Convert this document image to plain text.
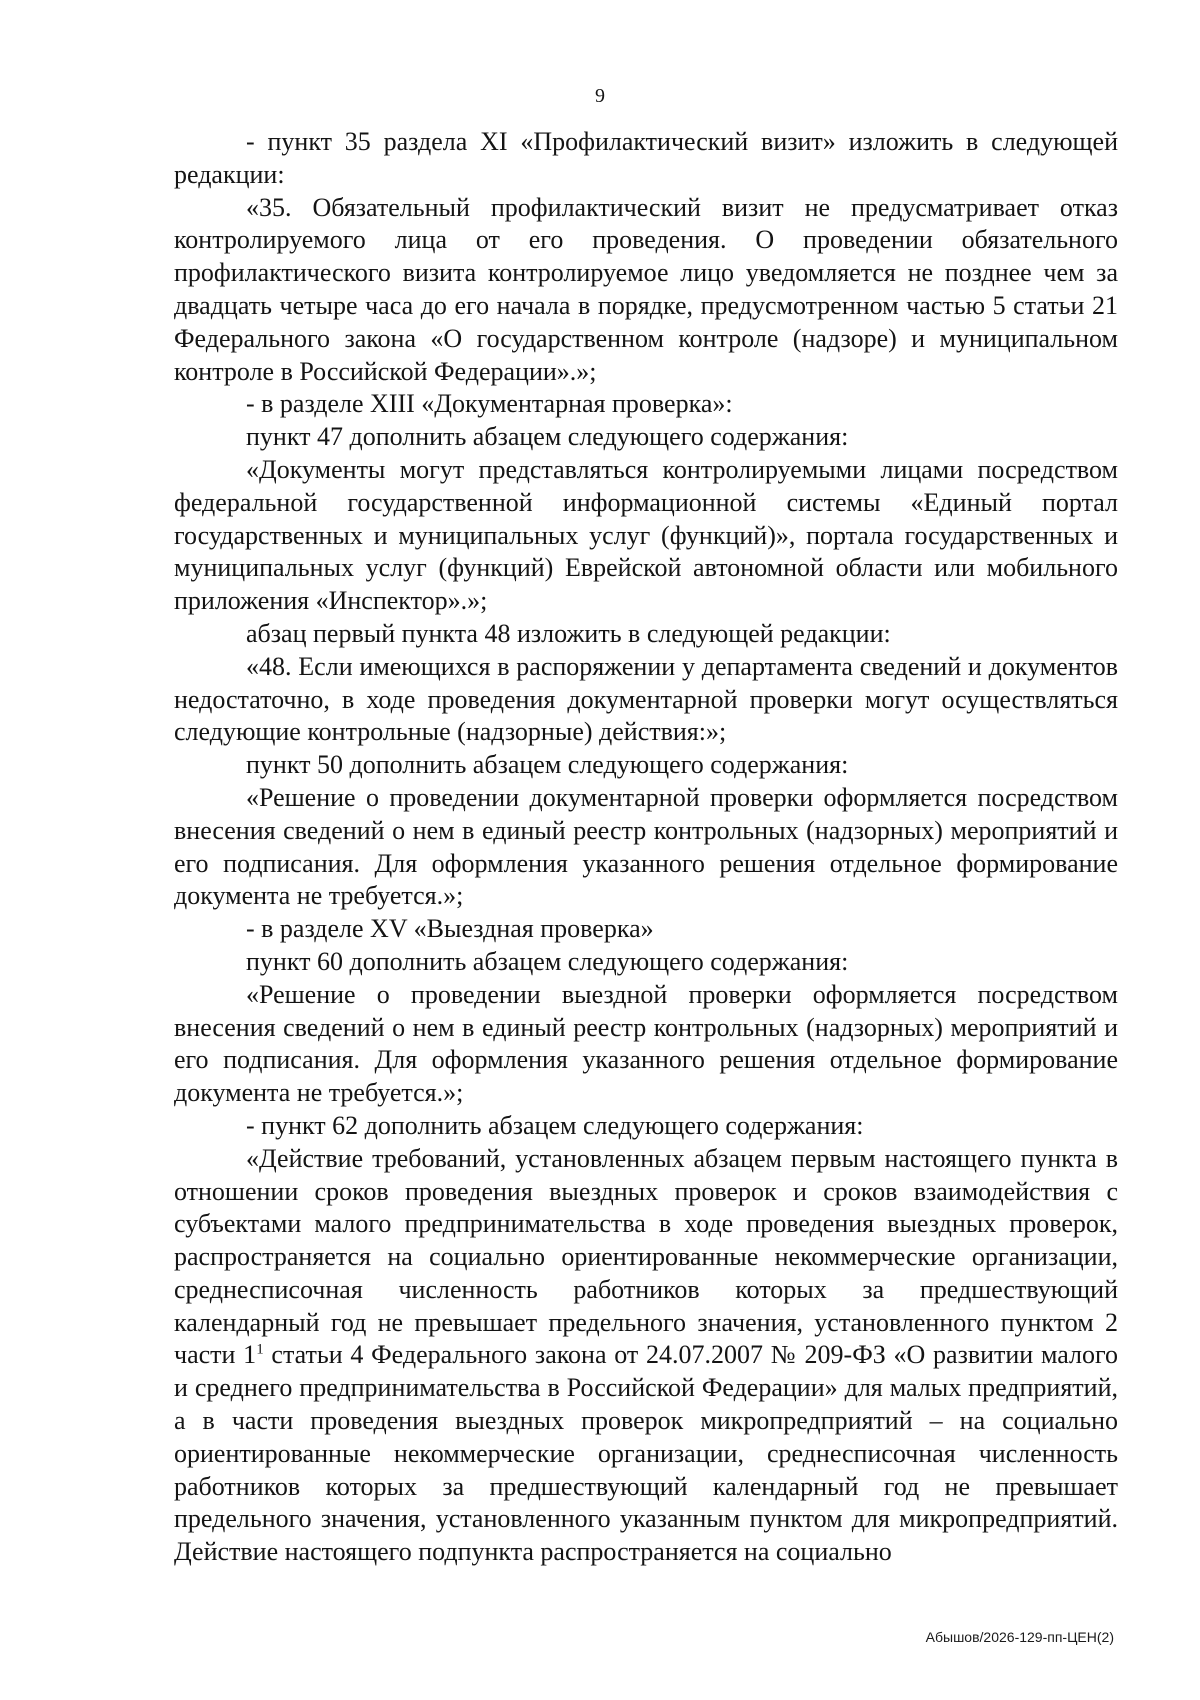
9

- пункт 35 раздела XI «Профилактический визит» изложить в следующей редакции:

«35. Обязательный профилактический визит не предусматривает отказ контролируемого лица от его проведения. О проведении обязательного профилактического визита контролируемое лицо уведомляется не позднее чем за двадцать четыре часа до его начала в порядке, предусмотренном частью 5 статьи 21 Федерального закона «О государственном контроле (надзоре) и муниципальном контроле в Российской Федерации».»;

- в разделе XIII «Документарная проверка»:

пункт 47 дополнить абзацем следующего содержания:

«Документы могут представляться контролируемыми лицами посредством федеральной государственной информационной системы «Единый портал государственных и муниципальных услуг (функций)», портала государственных и муниципальных услуг (функций) Еврейской автономной области или мобильного приложения «Инспектор».»;

абзац первый пункта 48 изложить в следующей редакции:

«48. Если имеющихся в распоряжении у департамента сведений и документов недостаточно, в ходе проведения документарной проверки могут осуществляться следующие контрольные (надзорные) действия:»;

пункт 50 дополнить абзацем следующего содержания:

«Решение о проведении документарной проверки оформляется посредством внесения сведений о нем в единый реестр контрольных (надзорных) мероприятий и его подписания. Для оформления указанного решения отдельное формирование документа не требуется.»;

- в разделе XV «Выездная проверка»

пункт 60 дополнить абзацем следующего содержания:

«Решение о проведении выездной проверки оформляется посредством внесения сведений о нем в единый реестр контрольных (надзорных) мероприятий и его подписания. Для оформления указанного решения отдельное формирование документа не требуется.»;

- пункт 62 дополнить абзацем следующего содержания:

«Действие требований, установленных абзацем первым настоящего пункта в отношении сроков проведения выездных проверок и сроков взаимодействия с субъектами малого предпринимательства в ходе проведения выездных проверок, распространяется на социально ориентированные некоммерческие организации, среднесписочная численность работников которых за предшествующий календарный год не превышает предельного значения, установленного пунктом 2 части $1^1$ статьи 4 Федерального закона от 24.07.2007 № 209-ФЗ «О развитии малого и среднего предпринимательства в Российской Федерации» для малых предприятий, а в части проведения выездных проверок микропредприятий – на социально ориентированные некоммерческие организации, среднесписочная численность работников которых за предшествующий календарный год не превышает предельного значения, установленного указанным пунктом для микропредприятий. Действие настоящего подпункта распространяется на социально

Абышов/2026-129-пп-ЦЕН(2)
